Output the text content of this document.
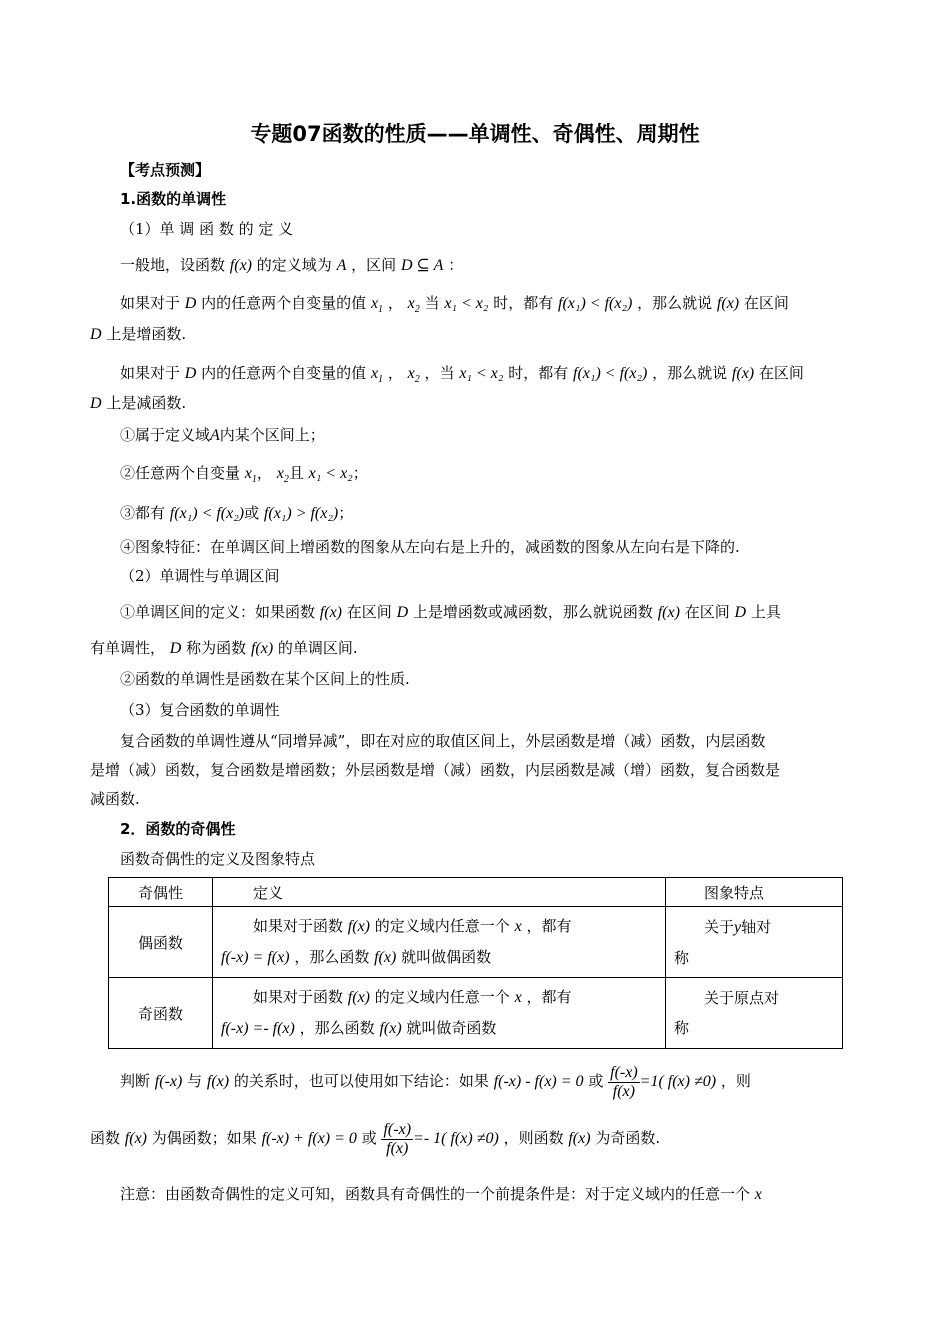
专题07函数的性质——单调性、奇偶性、周期性
【考点预测】
1.函数的单调性
（1）单 调 函 数 的 定 义
一般地，设函数 f(x) 的定义域为 A ，区间 D ⊆ A ：
如果对于 D 内的任意两个自变量的值 $x_1$ ， $x_2$ 当 x₁ < x₂ 时，都有 f(x₁) < f(x₂) ，那么就说 f(x) 在区间
D 上是增函数.
如果对于 D 内的任意两个自变量的值 $x_1$ ， $x_2$ ，当 x₁ < x₂ 时，都有 f(x₁) < f(x₂) ，那么就说 f(x) 在区间
D 上是减函数.
①属于定义域A内某个区间上；
②任意两个自变量 $x_1$， $x_2$且 x₁ < x₂；
③都有 f(x₁) < f(x₂)或 f(x₁) > f(x₂)；
④图象特征：在单调区间上增函数的图象从左向右是上升的，减函数的图象从左向右是下降的.
（2）单调性与单调区间
①单调区间的定义：如果函数 f(x) 在区间 D 上是增函数或减函数，那么就说函数 f(x) 在区间 D 上具
有单调性， D 称为函数 f(x) 的单调区间.
②函数的单调性是函数在某个区间上的性质.
（3）复合函数的单调性
复合函数的单调性遵从“同增异减”，即在对应的取值区间上，外层函数是增（减）函数，内层函数
是增（减）函数，复合函数是增函数；外层函数是增（减）函数，内层函数是减（增）函数，复合函数是
减函数.
2．函数的奇偶性
函数奇偶性的定义及图象特点
奇偶性	定义	图象特点
偶函数	如果对于函数 f(x) 的定义域内任意一个 x ，都有
f(-x) = f(x) ，那么函数 f(x) 就叫做偶函数	关于y轴对
称

奇函数	如果对于函数 f(x) 的定义域内任意一个 x ，都有
f(-x) =- f(x) ，那么函数 f(x) 就叫做奇函数	关于原点对
称
判断 f(-x) 与 f(x) 的关系时，也可以使用如下结论：如果 f(-x) - f(x) = 0 或 $\frac{f(-x)}{f(x)} =1$( f(x) ≠0) ，则
函数 f(x) 为偶函数；如果 f(-x) + f(x) = 0 或 $\frac{f(-x)}{f(x)} =- 1$( f(x) ≠0) ，则函数 f(x) 为奇函数.
注意：由函数奇偶性的定义可知，函数具有奇偶性的一个前提条件是：对于定义域内的任意一个 x
